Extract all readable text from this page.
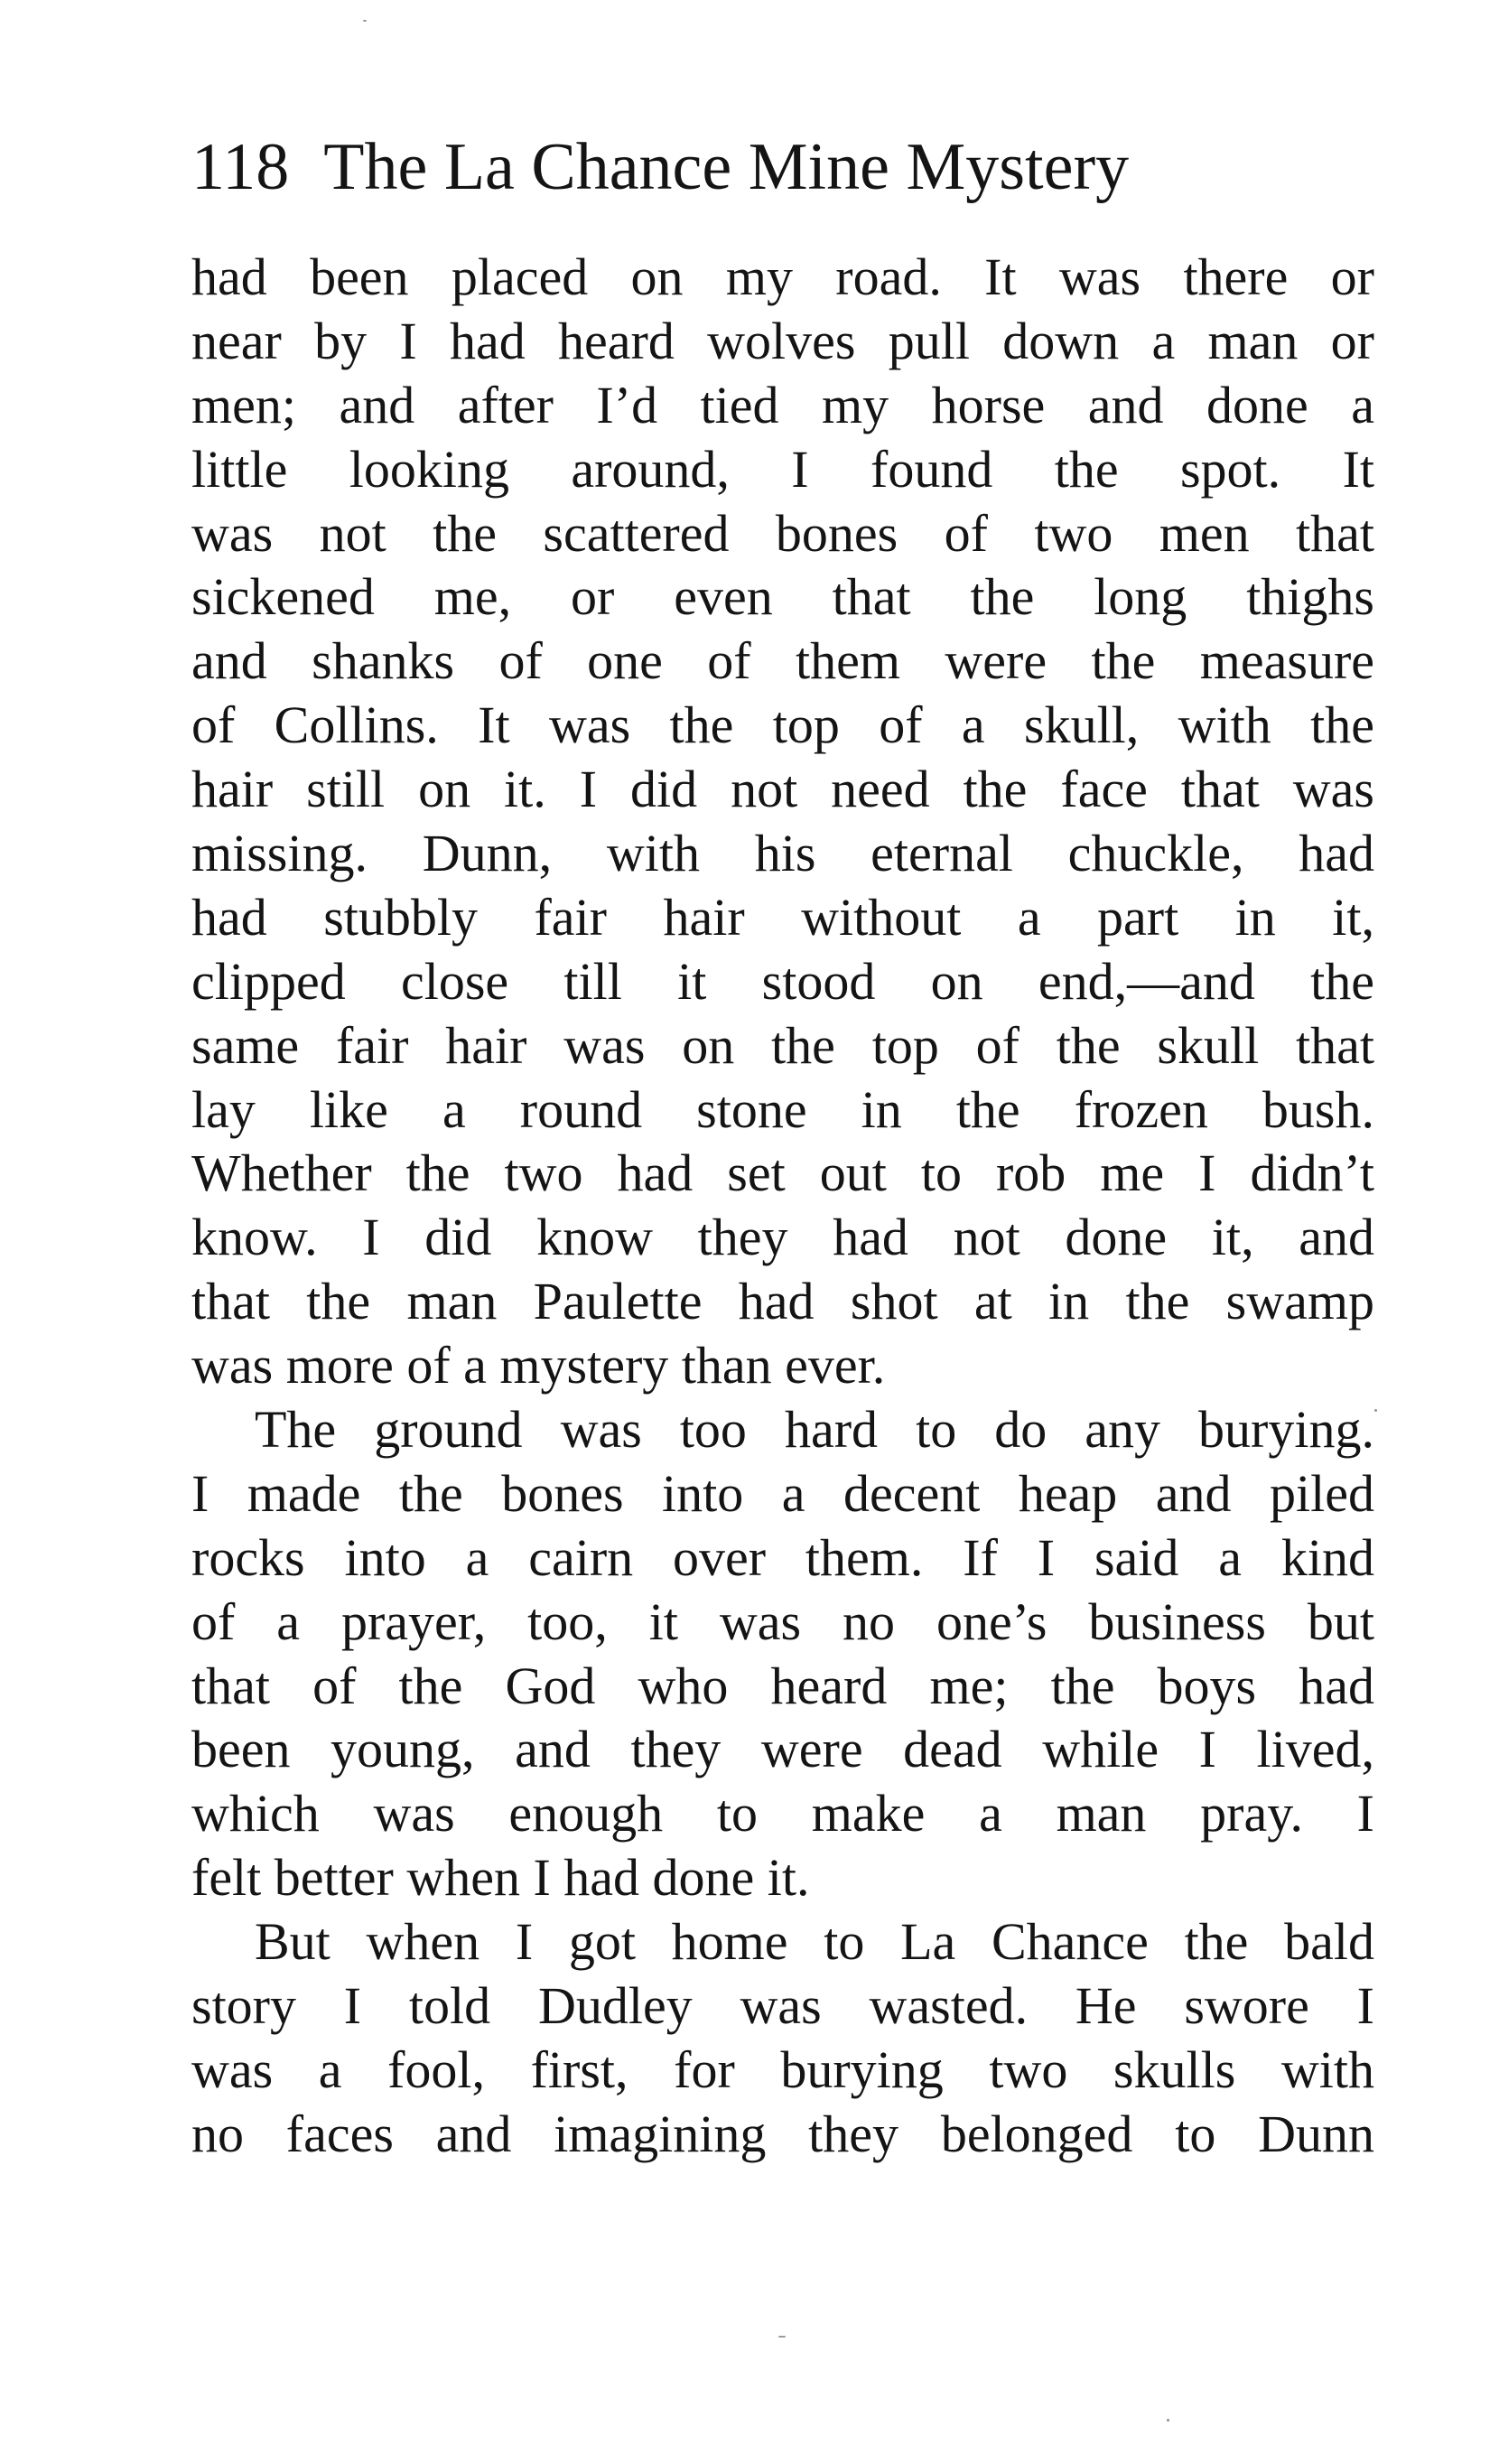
118 The La Chance Mine Mystery
had been placed on my road. It was there or
near by I had heard wolves pull down a man or
men; and after I’d tied my horse and done a
little looking around, I found the spot. It
was not the scattered bones of two men that
sickened me, or even that the long thighs
and shanks of one of them were the measure
of Collins. It was the top of a skull, with the
hair still on it. I did not need the face that was
missing. Dunn, with his eternal chuckle, had
had stubbly fair hair without a part in it,
clipped close till it stood on end,—and the
same fair hair was on the top of the skull that
lay like a round stone in the frozen bush.
Whether the two had set out to rob me I didn’t
know. I did know they had not done it, and
that the man Paulette had shot at in the swamp
was more of a mystery than ever.
The ground was too hard to do any burying.
I made the bones into a decent heap and piled
rocks into a cairn over them. If I said a kind
of a prayer, too, it was no one’s business but
that of the God who heard me; the boys had
been young, and they were dead while I lived,
which was enough to make a man pray. I
felt better when I had done it.
But when I got home to La Chance the bald
story I told Dudley was wasted. He swore I
was a fool, first, for burying two skulls with
no faces and imagining they belonged to Dunn
